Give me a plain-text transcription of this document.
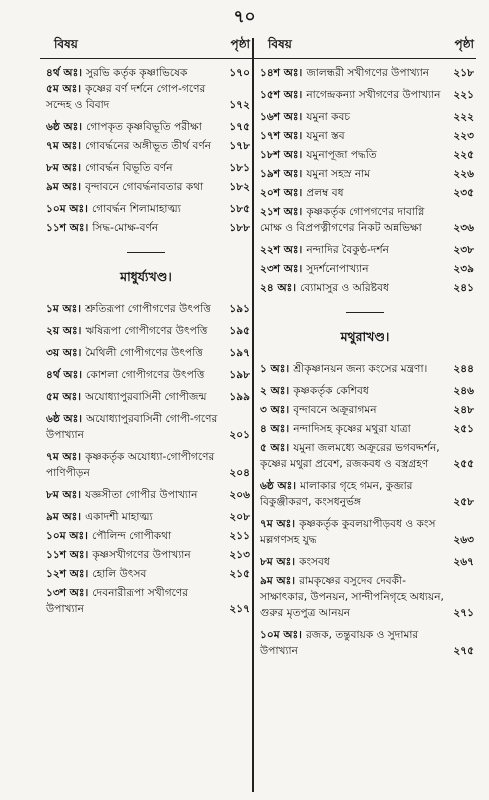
৭০
বিষয়	পৃষ্ঠা
৪র্থ অঃ। সুরভি কর্তৃক কৃষ্ণাভিষেক	১৭০
৫ম অঃ। কৃষ্ণের বর্ণ দর্শনে গোপ-গণের সন্দেহ ও বিবাদ	১৭২
৬ষ্ঠ অঃ। গোপকৃত কৃষ্ণবিভূতি পরীক্ষা	১৭৫
৭ম অঃ। গোবর্দ্ধনের অঙ্গীভূত তীর্থ বর্ণন ১৭৮
৮ম অঃ। গোবর্দ্ধন বিভূতি বর্ণন	১৮১
৯ম অঃ। বৃন্দাবনে গোবর্দ্ধনাবতার কথা ১৮২
১০ম অঃ। গোবর্দ্ধন শিলামাহাত্ম্য	১৮৫
১১শ অঃ। সিদ্ধ-মোক্ষ-বর্ণন	১৮৮
মাধুর্য্যখণ্ড।
১ম অঃ। শ্রুতিরূপা গোপীগণের উৎপত্তি ১৯১
২য় অঃ। ঋষিরূপা গোপীগণের উৎপত্তি ১৯৫
৩য় অঃ। মৈথিলী গোপীগণের উৎপত্তি	১৯৭
৪র্থ অঃ। কোশলা গোপীগণের উৎপত্তি ১৯৮
৫ম অঃ। অযোধ্যাপুরবাসিনী গোপীজন্ম ১৯৯
৬ষ্ঠ অঃ। অযোধ্যাপুরবাসিনী গোপী-গণের উপাখ্যান	২০১
৭ম অঃ। কৃষ্ণকর্তৃক অযোধ্যা-গোপীগণের পাণিপীড়ন	২০৪
৮ম অঃ। যজ্ঞসীতা গোপীর উপাখ্যান	২০৬
৯ম অঃ। একাদশী মাহাত্ম্য	২০৮
১০ম অঃ। পৌলিন্দ গোপীকথা	২১১
১১শ অঃ। কৃষ্ণসখীগণের উপাখ্যান	২১৩
১২শ অঃ। হোলি উৎসব	২১৫
১৩শ অঃ। দেবনারীরূপা সখীগণের উপাখ্যান	২১৭
বিষয়	পৃষ্ঠা
১৪শ অঃ। জালন্ধরী সখীগণের উপাখ্যান ২১৮
১৫শ অঃ। নাগেন্দ্রকন্যা সখীগণের উপাখ্যান ২২১
১৬শ অঃ। যমুনা কবচ	২২২
১৭শ অঃ। যমুনা স্তব	২২৩
১৮শ অঃ। যমুনাপূজা পদ্ধতি	২২৫
১৯শ অঃ। যমুনা সহস্র নাম	২২৬
২০শ অঃ। প্রলম্ব বধ	২৩৫
২১শ অঃ। কৃষ্ণকর্তৃক গোপগণের দাবাগ্নি মোক্ষ ও বিপ্রপত্নীগণের নিকট অন্নভিক্ষা	২৩৬
২২শ অঃ। নন্দাদির বৈকুণ্ঠ-দর্শন	২৩৮
২৩শ অঃ। সুদর্শনোপাখ্যান	২৩৯
২৪ অঃ। ব্যোমাসুর ও অরিষ্টবধ	২৪১
মথুরাখণ্ড।
১ অঃ। শ্রীকৃষ্ণানয়ন জন্য কংসের মন্ত্রণা। ২৪৪
২ অঃ। কৃষ্ণকর্তৃক কেশিবধ	২৪৬
৩ অঃ। বৃন্দাবনে অক্রূরাগমন	২৪৮
৪ অঃ। নন্দাদিসহ কৃষ্ণের মথুরা যাত্রা	২৫১
৫ অঃ। যমুনা জলমধ্যে অক্রূরের ভগবদ্দর্শন, কৃষ্ণের মথুরা প্রবেশ, রজকবধ ও বস্ত্রগ্রহণ ২৫৫
৬ষ্ঠ অঃ। মালাকার গৃহে গমন, কুব্জার বিকুঞ্জীকরণ, কংসধনুর্ভঙ্গ	২৫৮
৭ম অঃ। কৃষ্ণকর্তৃক কুবলয়াপীড়বধ ও কংস মল্লগণসহ যুদ্ধ	২৬৩
৮ম অঃ। কংসবধ	২৬৭
৯ম অঃ। রামকৃষ্ণের বসুদেব দেবকী-সাক্ষাৎকার, উপনয়ন, সান্দীপনিগৃহে অধ্যয়ন, গুরুর মৃতপুত্র আনয়ন	২৭১
১০ম অঃ। রজক, তন্তুবায়ক ও সুদামার উপাখ্যান	২৭৫
